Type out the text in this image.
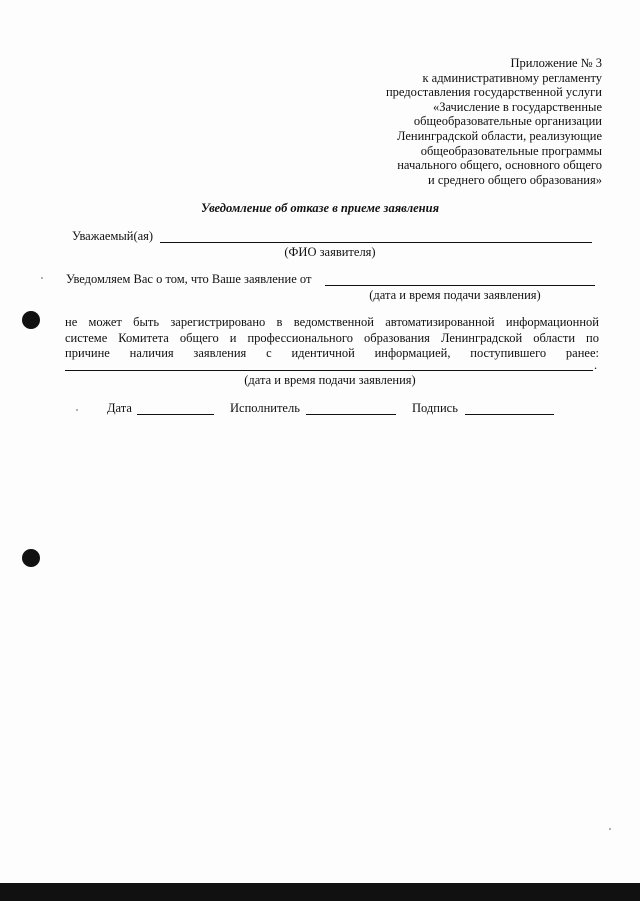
Приложение № 3
к административному регламенту
предоставления государственной услуги
«Зачисление в государственные
общеобразовательные организации
Ленинградской области, реализующие
общеобразовательные программы
начального общего, основного общего
и среднего общего образования»
Уведомление об отказе в приеме заявления
Уважаемый(ая)
(ФИО заявителя)
Уведомляем Вас о том, что Ваше заявление от
(дата и время подачи заявления)
не может быть зарегистрировано в ведомственной автоматизированной информационной
системе Комитета общего и профессионального образования Ленинградской области по
причине наличия заявления с идентичной информацией, поступившего ранее:
.
(дата и время подачи заявления)
Дата	Исполнитель	Подпись
